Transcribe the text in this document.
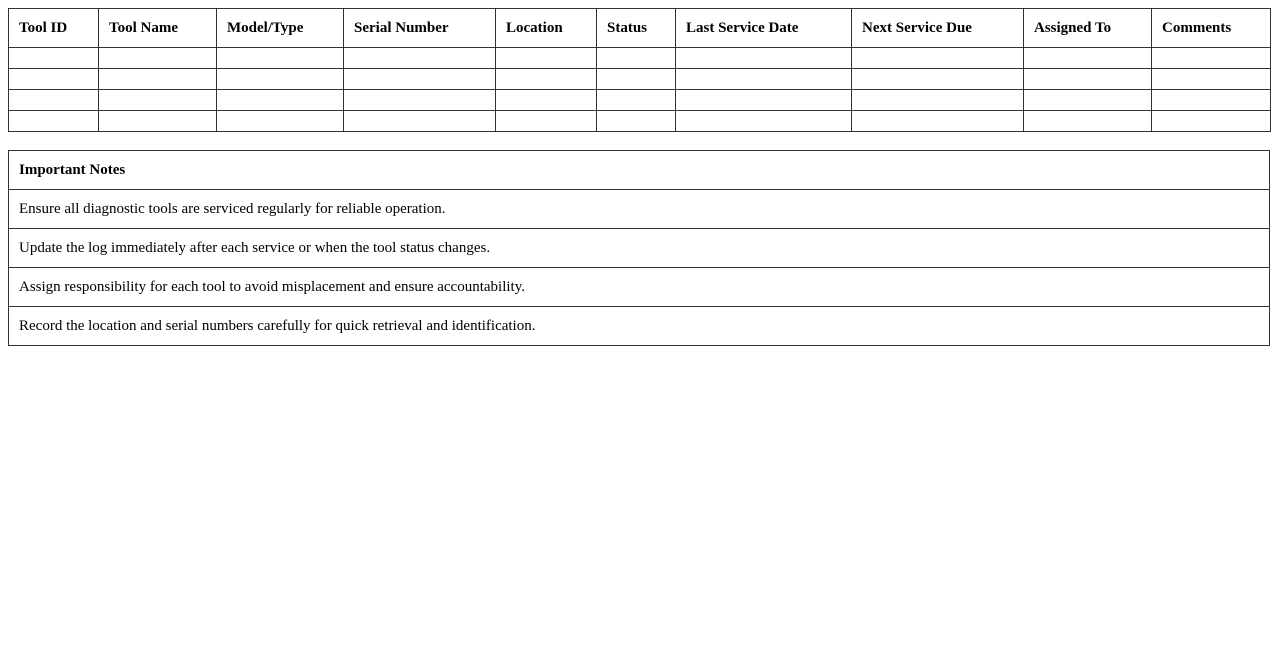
Tool ID	Tool Name	Model/Type	Serial Number	Location	Status	Last Service Date	Next Service Due	Assigned To	Comments

Important Notes
Ensure all diagnostic tools are serviced regularly for reliable operation.
Update the log immediately after each service or when the tool status changes.
Assign responsibility for each tool to avoid misplacement and ensure accountability.
Record the location and serial numbers carefully for quick retrieval and identification.
